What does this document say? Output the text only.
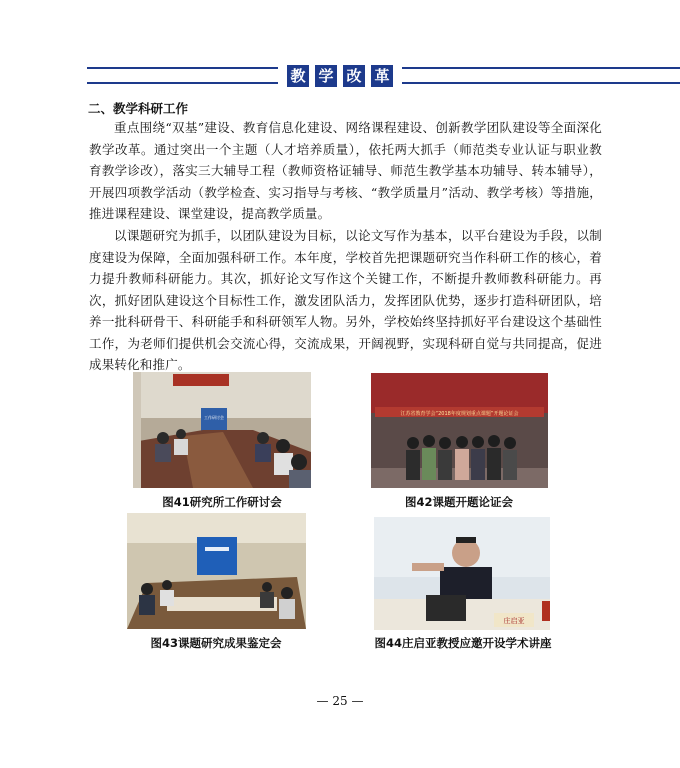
教 学 改 革
二、教学科研工作

重点围绕“双基”建设、教育信息化建设、网络课程建设、创新教学团队建设等全面深化教学改革。通过突出一个主题（人才培养质量），依托两大抓手（师范类专业认证与职业教育教学诊改），落实三大辅导工程（教师资格证辅导、师范生教学基本功辅导、转本辅导），开展四项教学活动（教学检查、实习指导与考核、“教学质量月”活动、教学考核）等措施，推进课程建设、课堂建设，提高教学质量。

以课题研究为抓手，以团队建设为目标，以论文写作为基本，以平台建设为手段，以制度建设为保障，全面加强科研工作。本年度，学校首先把课题研究当作科研工作的核心，着力提升教师科研能力。其次，抓好论文写作这个关键工作，不断提升教师教科研能力。再次，抓好团队建设这个目标性工作，激发团队活力，发挥团队优势，逐步打造科研团队，培养一批科研骨干、科研能手和科研领军人物。另外，学校始终坚持抓好平台建设这个基础性工作，为老师们提供机会交流心得，交流成果，开阔视野，实现科研自觉与共同提高，促进成果转化和推广。

工作研讨会
图41研究所工作研讨会
江苏省教育学会“2018年度规划重点课题”开题论证会
图42课题开题论证会
图43课题研究成果鉴定会
庄启亚
图44庄启亚教授应邀开设学术讲座
— 25 —
